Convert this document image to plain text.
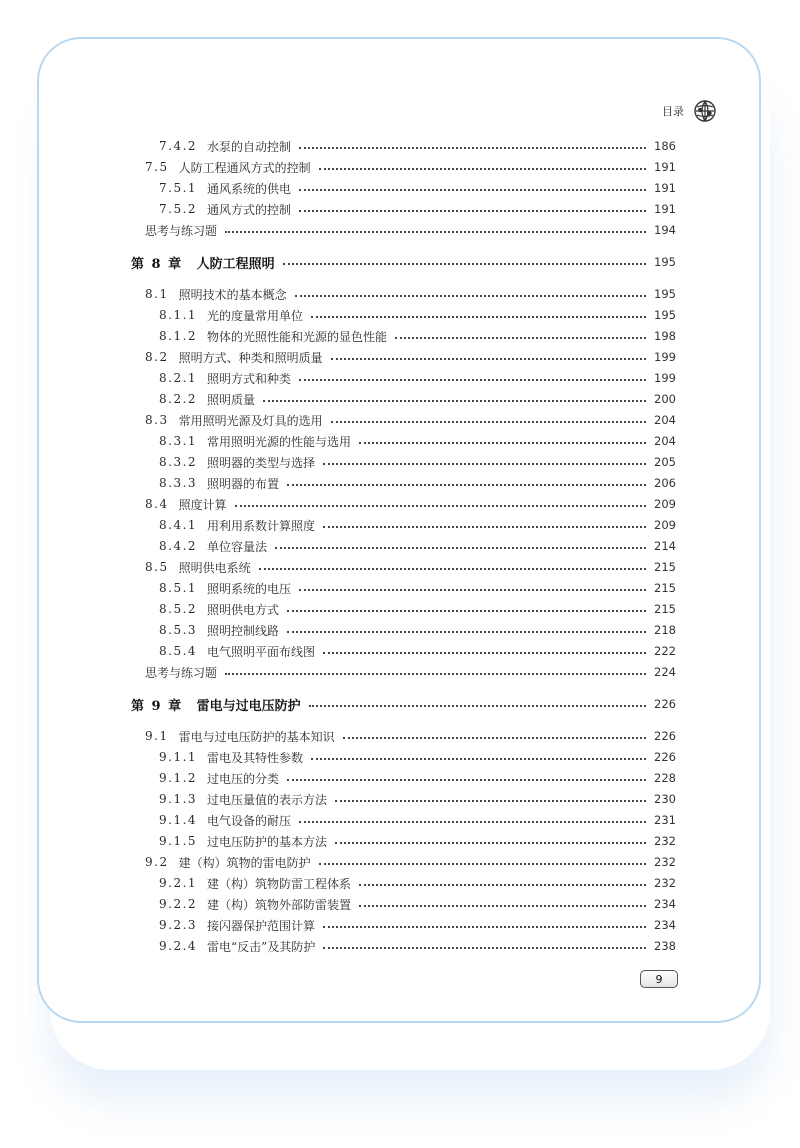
目录
7.4.2 水泵的自动控制	186
7.5 人防工程通风方式的控制	191
7.5.1 通风系统的供电	191
7.5.2 通风方式的控制	191
思考与练习题	194
第 8 章 人防工程照明	195
8.1 照明技术的基本概念	195
8.1.1 光的度量常用单位	195
8.1.2 物体的光照性能和光源的显色性能	198
8.2 照明方式、种类和照明质量	199
8.2.1 照明方式和种类	199
8.2.2 照明质量	200
8.3 常用照明光源及灯具的选用	204
8.3.1 常用照明光源的性能与选用	204
8.3.2 照明器的类型与选择	205
8.3.3 照明器的布置	206
8.4 照度计算	209
8.4.1 用利用系数计算照度	209
8.4.2 单位容量法	214
8.5 照明供电系统	215
8.5.1 照明系统的电压	215
8.5.2 照明供电方式	215
8.5.3 照明控制线路	218
8.5.4 电气照明平面布线图	222
思考与练习题	224
第 9 章 雷电与过电压防护	226
9.1 雷电与过电压防护的基本知识	226
9.1.1 雷电及其特性参数	226
9.1.2 过电压的分类	228
9.1.3 过电压量值的表示方法	230
9.1.4 电气设备的耐压	231
9.1.5 过电压防护的基本方法	232
9.2 建（构）筑物的雷电防护	232
9.2.1 建（构）筑物防雷工程体系	232
9.2.2 建（构）筑物外部防雷装置	234
9.2.3 接闪器保护范围计算	234
9.2.4 雷电“反击”及其防护	238
9
